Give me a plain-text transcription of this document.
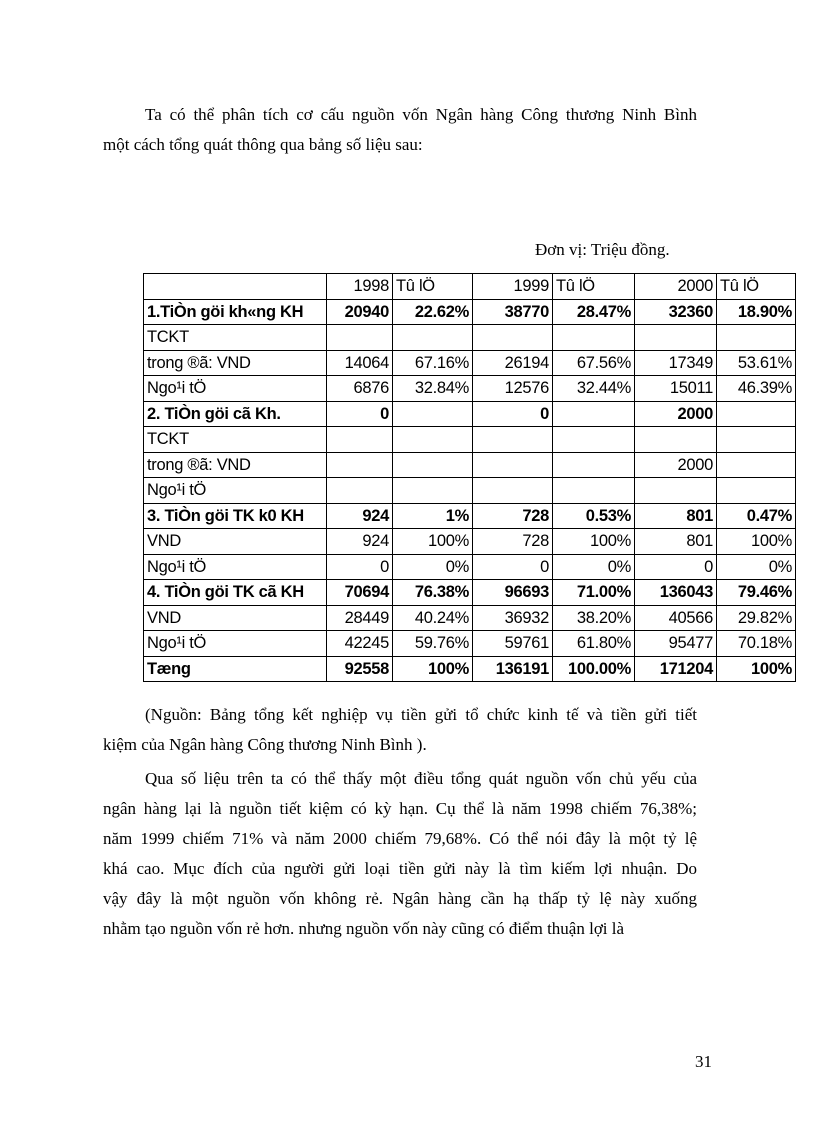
Ta có thể phân tích cơ cấu nguồn vốn Ngân hàng Công thương Ninh Bình
một cách tổng quát thông qua bảng số liệu sau:

Đơn vị: Triệu đồng.

	1998	Tû lÖ	1999	Tû lÖ	2000	Tû lÖ
1.TiÒn göi kh«ng KH	20940	22.62%	38770	28.47%	32360	18.90%
TCKT						
trong ®ã: VND	14064	67.16%	26194	67.56%	17349	53.61%
Ngo¹i tÖ	6876	32.84%	12576	32.44%	15011	46.39%
2. TiÒn göi cã Kh.	0		0		2000	
TCKT						
trong ®ã: VND					2000	
Ngo¹i tÖ						
3. TiÒn göi TK k0 KH	924	1%	728	0.53%	801	0.47%
VND	924	100%	728	100%	801	100%
Ngo¹i tÖ	0	0%	0	0%	0	0%
4. TiÒn göi TK cã KH	70694	76.38%	96693	71.00%	136043	79.46%
VND	28449	40.24%	36932	38.20%	40566	29.82%
Ngo¹i tÖ	42245	59.76%	59761	61.80%	95477	70.18%
Tæng	92558	100%	136191	100.00%	171204	100%

(Nguồn: Bảng tổng kết nghiệp vụ tiền gửi tổ chức kinh tế và tiền gửi tiết
kiệm của Ngân hàng Công thương Ninh Bình ).

Qua số liệu trên ta có thể thấy một điều tổng quát nguồn vốn chủ yếu của
ngân hàng lại là nguồn tiết kiệm có kỳ hạn. Cụ thể là năm 1998 chiếm 76,38%;
năm 1999 chiếm 71% và năm 2000 chiếm 79,68%. Có thể nói đây là một tỷ lệ
khá cao. Mục đích của người gửi loại tiền gửi này là tìm kiếm lợi nhuận. Do
vậy đây là một nguồn vốn không rẻ. Ngân hàng cần hạ thấp tỷ lệ này xuống
nhằm tạo nguồn vốn rẻ hơn. nhưng nguồn vốn này cũng có điểm thuận lợi là

31
